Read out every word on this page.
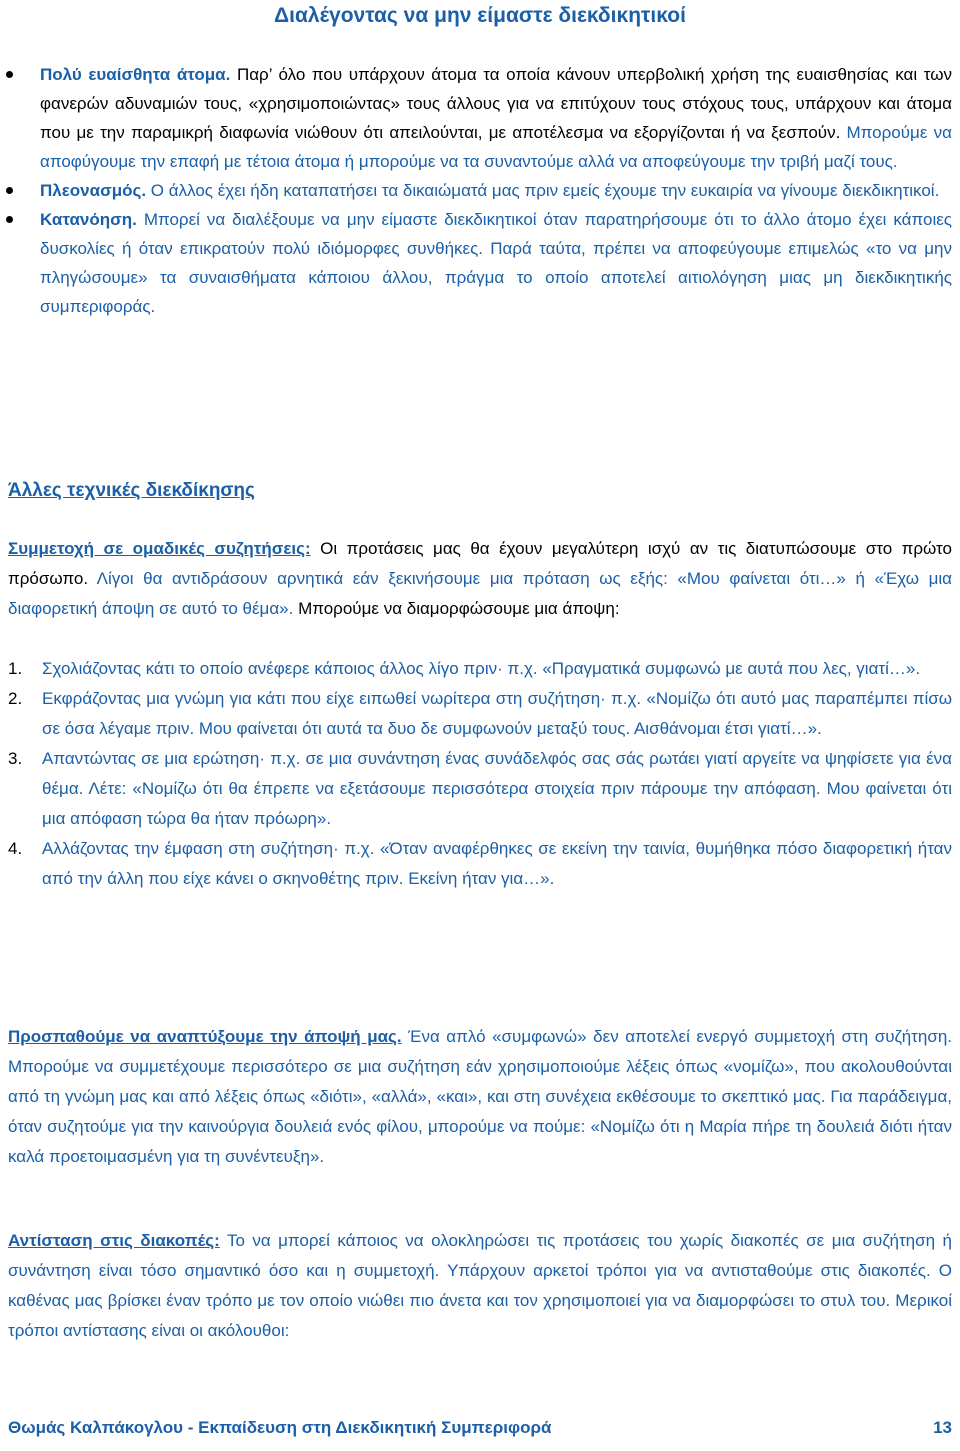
Διαλέγοντας να μην είμαστε διεκδικητικοί
Πολύ ευαίσθητα άτομα. Παρ’ όλο που υπάρχουν άτομα τα οποία κάνουν υπερβολική χρήση της ευαισθησίας και των φανερών αδυναμιών τους, «χρησιμοποιώντας» τους άλλους για να επιτύχουν τους στόχους τους, υπάρχουν και άτομα που με την παραμικρή διαφωνία νιώθουν ότι απειλούνται, με αποτέλεσμα να εξοργίζονται ή να ξεσπούν. Μπορούμε να αποφύγουμε την επαφή με τέτοια άτομα ή μπορούμε να τα συναντούμε αλλά να αποφεύγουμε την τριβή μαζί τους.
Πλεονασμός. Ο άλλος έχει ήδη καταπατήσει τα δικαιώματά μας πριν εμείς έχουμε την ευκαιρία να γίνουμε διεκδικητικοί.
Κατανόηση. Μπορεί να διαλέξουμε να μην είμαστε διεκδικητικοί όταν παρατηρήσουμε ότι το άλλο άτομο έχει κάποιες δυσκολίες ή όταν επικρατούν πολύ ιδιόμορφες συνθήκες. Παρά ταύτα, πρέπει να αποφεύγουμε επιμελώς «το να μην πληγώσουμε» τα συναισθήματα κάποιου άλλου, πράγμα το οποίο αποτελεί αιτιολόγηση μιας μη διεκδικητικής συμπεριφοράς.
Άλλες τεχνικές διεκδίκησης
Συμμετοχή σε ομαδικές συζητήσεις: Οι προτάσεις μας θα έχουν μεγαλύτερη ισχύ αν τις διατυπώσουμε στο πρώτο πρόσωπο. Λίγοι θα αντιδράσουν αρνητικά εάν ξεκινήσουμε μια πρόταση ως εξής: «Μου φαίνεται ότι…» ή «Έχω μια διαφορετική άποψη σε αυτό το θέμα». Μπορούμε να διαμορφώσουμε μια άποψη:
1. Σχολιάζοντας κάτι το οποίο ανέφερε κάποιος άλλος λίγο πριν· π.χ. «Πραγματικά συμφωνώ με αυτά που λες, γιατί…».
2. Εκφράζοντας μια γνώμη για κάτι που είχε ειπωθεί νωρίτερα στη συζήτηση· π.χ. «Νομίζω ότι αυτό μας παραπέμπει πίσω σε όσα λέγαμε πριν. Μου φαίνεται ότι αυτά τα δυο δε συμφωνούν μεταξύ τους. Αισθάνομαι έτσι γιατί…».
3. Απαντώντας σε μια ερώτηση· π.χ. σε μια συνάντηση ένας συνάδελφός σας σάς ρωτάει γιατί αργείτε να ψηφίσετε για ένα θέμα. Λέτε: «Νομίζω ότι θα έπρεπε να εξετάσουμε περισσότερα στοιχεία πριν πάρουμε την απόφαση. Μου φαίνεται ότι μια απόφαση τώρα θα ήταν πρόωρη».
4. Αλλάζοντας την έμφαση στη συζήτηση· π.χ. «Όταν αναφέρθηκες σε εκείνη την ταινία, θυμήθηκα πόσο διαφορετική ήταν από την άλλη που είχε κάνει ο σκηνοθέτης πριν. Εκείνη ήταν για…».
Προσπαθούμε να αναπτύξουμε την άποψή μας. Ένα απλό «συμφωνώ» δεν αποτελεί ενεργό συμμετοχή στη συζήτηση. Μπορούμε να συμμετέχουμε περισσότερο σε μια συζήτηση εάν χρησιμοποιούμε λέξεις όπως «νομίζω», που ακολουθούνται από τη γνώμη μας και από λέξεις όπως «διότι», «αλλά», «και», και στη συνέχεια εκθέσουμε το σκεπτικό μας. Για παράδειγμα, όταν συζητούμε για την καινούργια δουλειά ενός φίλου, μπορούμε να πούμε: «Νομίζω ότι η Μαρία πήρε τη δουλειά διότι ήταν καλά προετοιμασμένη για τη συνέντευξη».
Αντίσταση στις διακοπές: Το να μπορεί κάποιος να ολοκληρώσει τις προτάσεις του χωρίς διακοπές σε μια συζήτηση ή συνάντηση είναι τόσο σημαντικό όσο και η συμμετοχή. Υπάρχουν αρκετοί τρόποι για να αντισταθούμε στις διακοπές. Ο καθένας μας βρίσκει έναν τρόπο με τον οποίο νιώθει πιο άνετα και τον χρησιμοποιεί για να διαμορφώσει το στυλ του. Μερικοί τρόποι αντίστασης είναι οι ακόλουθοι:
Θωμάς Καλπάκογλου - Εκπαίδευση στη Διεκδικητική Συμπεριφορά	13
